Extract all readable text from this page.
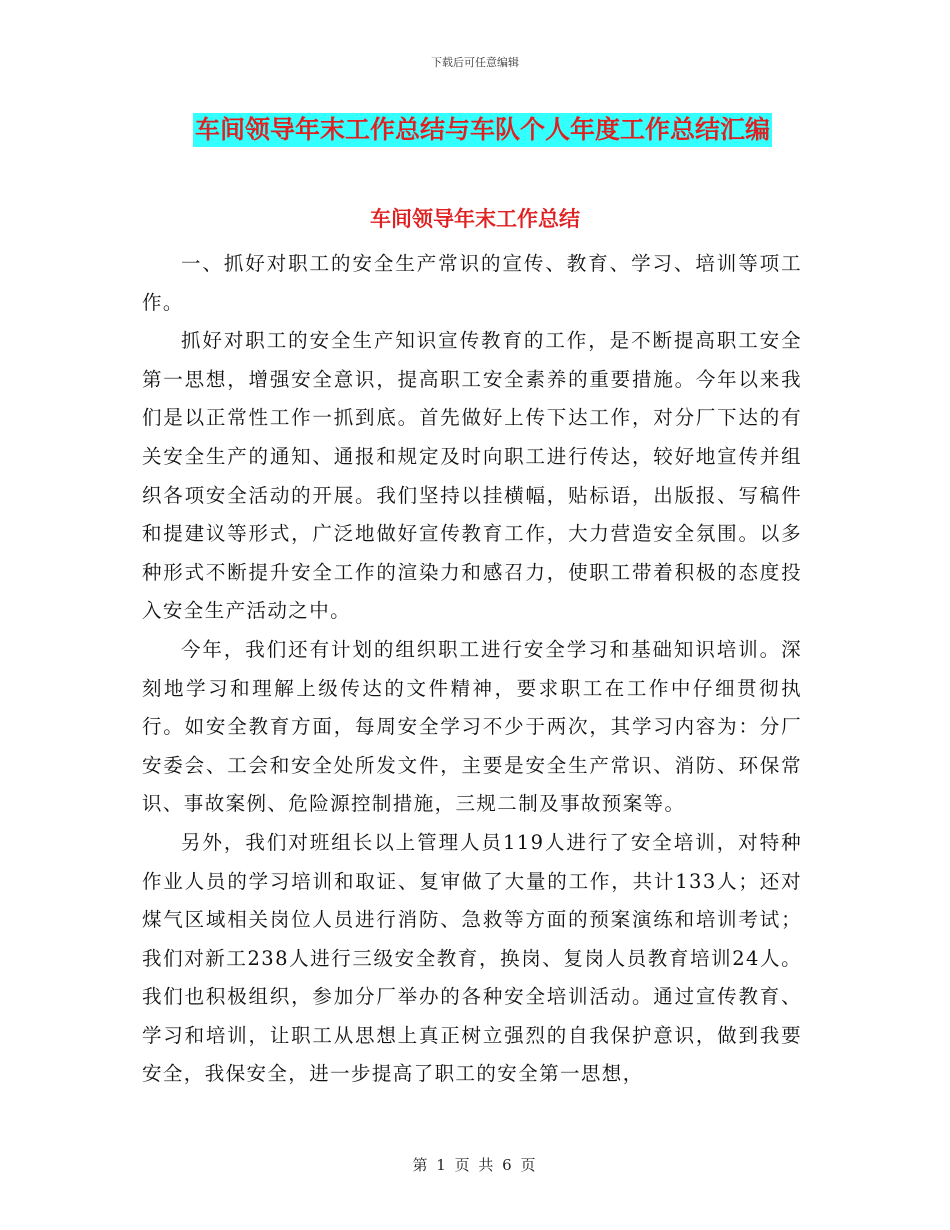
下载后可任意编辑
车间领导年末工作总结与车队个人年度工作总结汇编
车间领导年末工作总结

一、抓好对职工的安全生产常识的宣传、教育、学习、培训等项工作。

抓好对职工的安全生产知识宣传教育的工作，是不断提高职工安全第一思想，增强安全意识，提高职工安全素养的重要措施。今年以来我们是以正常性工作一抓到底。首先做好上传下达工作，对分厂下达的有关安全生产的通知、通报和规定及时向职工进行传达，较好地宣传并组织各项安全活动的开展。我们坚持以挂横幅，贴标语，出版报、写稿件和提建议等形式，广泛地做好宣传教育工作，大力营造安全氛围。以多种形式不断提升安全工作的渲染力和感召力，使职工带着积极的态度投入安全生产活动之中。

今年，我们还有计划的组织职工进行安全学习和基础知识培训。深刻地学习和理解上级传达的文件精神，要求职工在工作中仔细贯彻执行。如安全教育方面，每周安全学习不少于两次，其学习内容为：分厂安委会、工会和安全处所发文件，主要是安全生产常识、消防、环保常识、事故案例、危险源控制措施，三规二制及事故预案等。

另外，我们对班组长以上管理人员119人进行了安全培训，对特种作业人员的学习培训和取证、复审做了大量的工作，共计133人；还对煤气区域相关岗位人员进行消防、急救等方面的预案演练和培训考试；我们对新工238人进行三级安全教育，换岗、复岗人员教育培训24人。我们也积极组织，参加分厂举办的各种安全培训活动。通过宣传教育、学习和培训，让职工从思想上真正树立强烈的自我保护意识，做到我要安全，我保安全，进一步提高了职工的安全第一思想，

第 1 页 共 6 页
